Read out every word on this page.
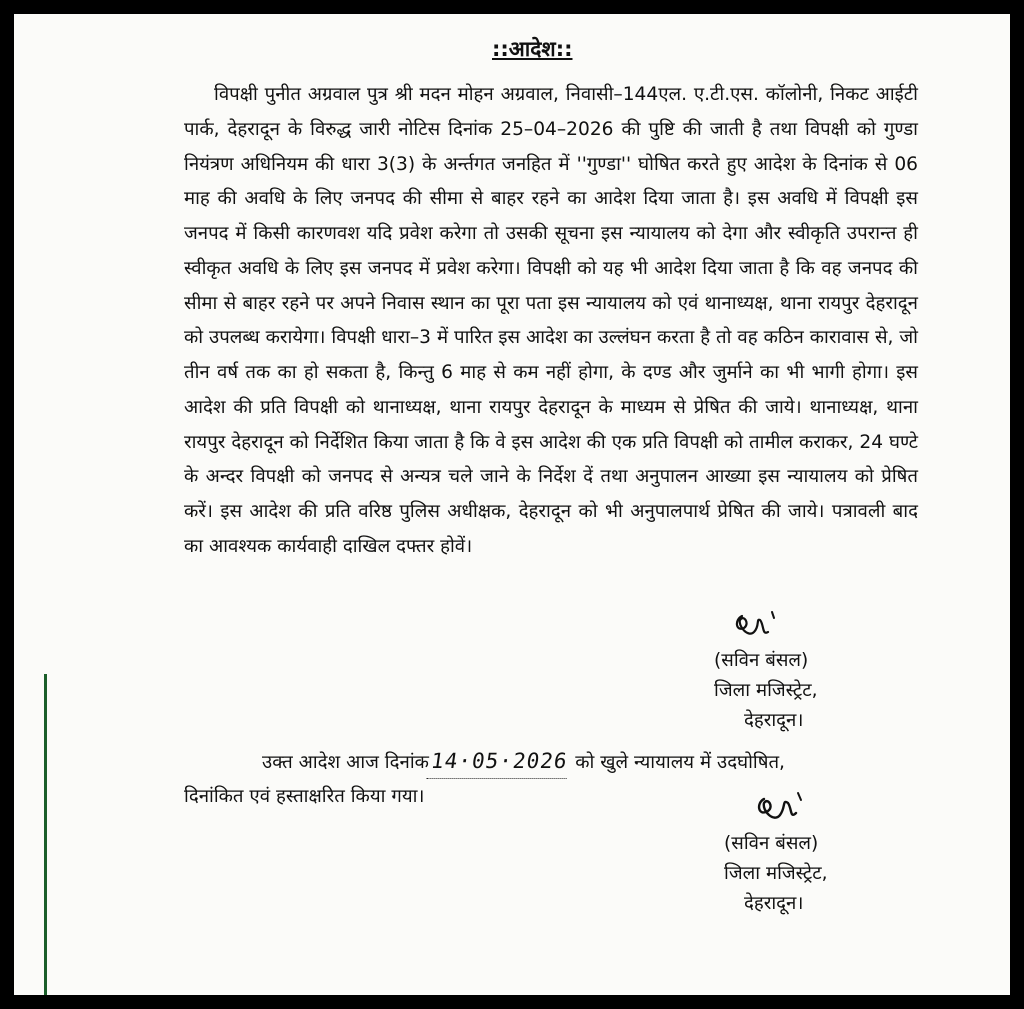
::आदेश::

विपक्षी पुनीत अग्रवाल पुत्र श्री मदन मोहन अग्रवाल, निवासी–144एल. ए.टी.एस. कॉलोनी, निकट आईटी पार्क, देहरादून के विरुद्ध जारी नोटिस दिनांक 25–04–2026 की पुष्टि की जाती है तथा विपक्षी को गुण्डा नियंत्रण अधिनियम की धारा 3(3) के अर्न्तगत जनहित में ''गुण्डा'' घोषित करते हुए आदेश के दिनांक से 06 माह की अवधि के लिए जनपद की सीमा से बाहर रहने का आदेश दिया जाता है। इस अवधि में विपक्षी इस जनपद में किसी कारणवश यदि प्रवेश करेगा तो उसकी सूचना इस न्यायालय को देगा और स्वीकृति उपरान्त ही स्वीकृत अवधि के लिए इस जनपद में प्रवेश करेगा। विपक्षी को यह भी आदेश दिया जाता है कि वह जनपद की सीमा से बाहर रहने पर अपने निवास स्थान का पूरा पता इस न्यायालय को एवं थानाध्यक्ष, थाना रायपुर देहरादून को उपलब्ध करायेगा। विपक्षी धारा–3 में पारित इस आदेश का उल्लंघन करता है तो वह कठिन कारावास से, जो तीन वर्ष तक का हो सकता है, किन्तु 6 माह से कम नहीं होगा, के दण्ड और जुर्माने का भी भागी होगा। इस आदेश की प्रति विपक्षी को थानाध्यक्ष, थाना रायपुर देहरादून के माध्यम से प्रेषित की जाये। थानाध्यक्ष, थाना रायपुर देहरादून को निर्देशित किया जाता है कि वे इस आदेश की एक प्रति विपक्षी को तामील कराकर, 24 घण्टे के अन्दर विपक्षी को जनपद से अन्यत्र चले जाने के निर्देश दें तथा अनुपालन आख्या इस न्यायालय को प्रेषित करें। इस आदेश की प्रति वरिष्ठ पुलिस अधीक्षक, देहरादून को भी अनुपालपार्थ प्रेषित की जाये। पत्रावली बाद का आवश्यक कार्यवाही दाखिल दफ्तर होवें।

(सविन बंसल)
जिला मजिस्ट्रेट,
देहरादून।
उक्त आदेश आज दिनांक14·05·2026 को खुले न्यायालय में उदघोषित,
दिनांकित एवं हस्ताक्षरित किया गया।
(सविन बंसल)
जिला मजिस्ट्रेट,
देहरादून।
